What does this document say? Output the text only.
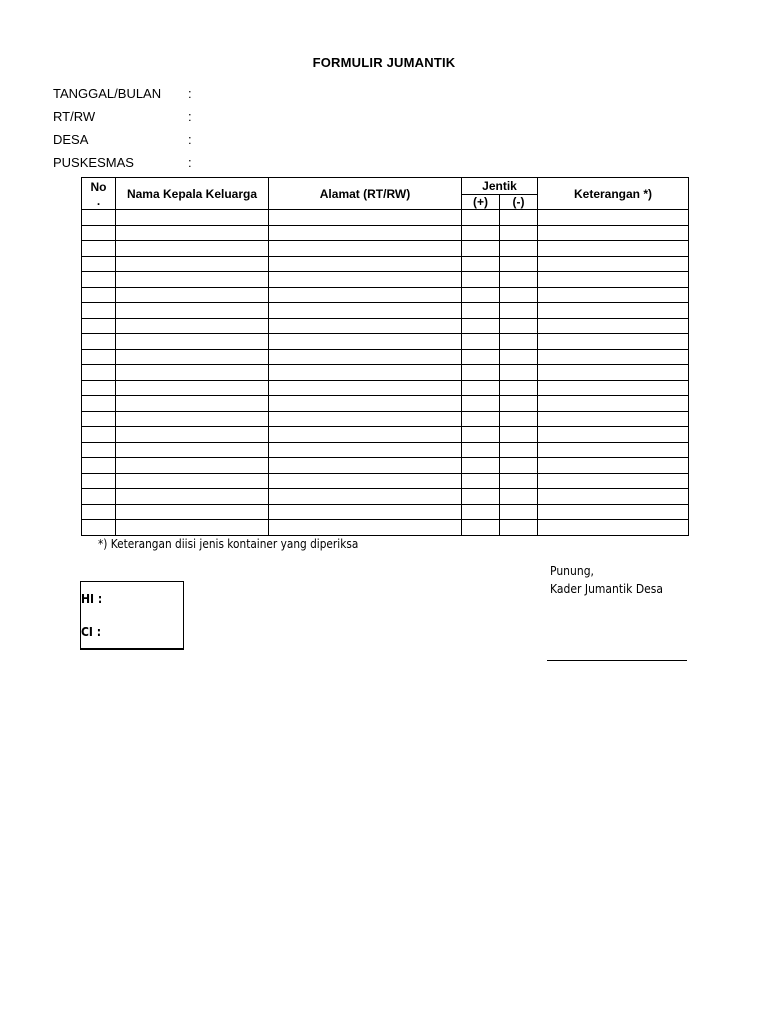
FORMULIR JUMANTIK
TANGGAL/BULAN :
RT/RW	:
DESA	:
PUSKESMAS	:
No
.	Nama Kepala Keluarga	Alamat (RT/RW)	Jentik		Keterangan *)
			(+)	(-)	

*) Keterangan diisi jenis kontainer yang diperiksa
HI :
CI :
Punung,
Kader Jumantik Desa
